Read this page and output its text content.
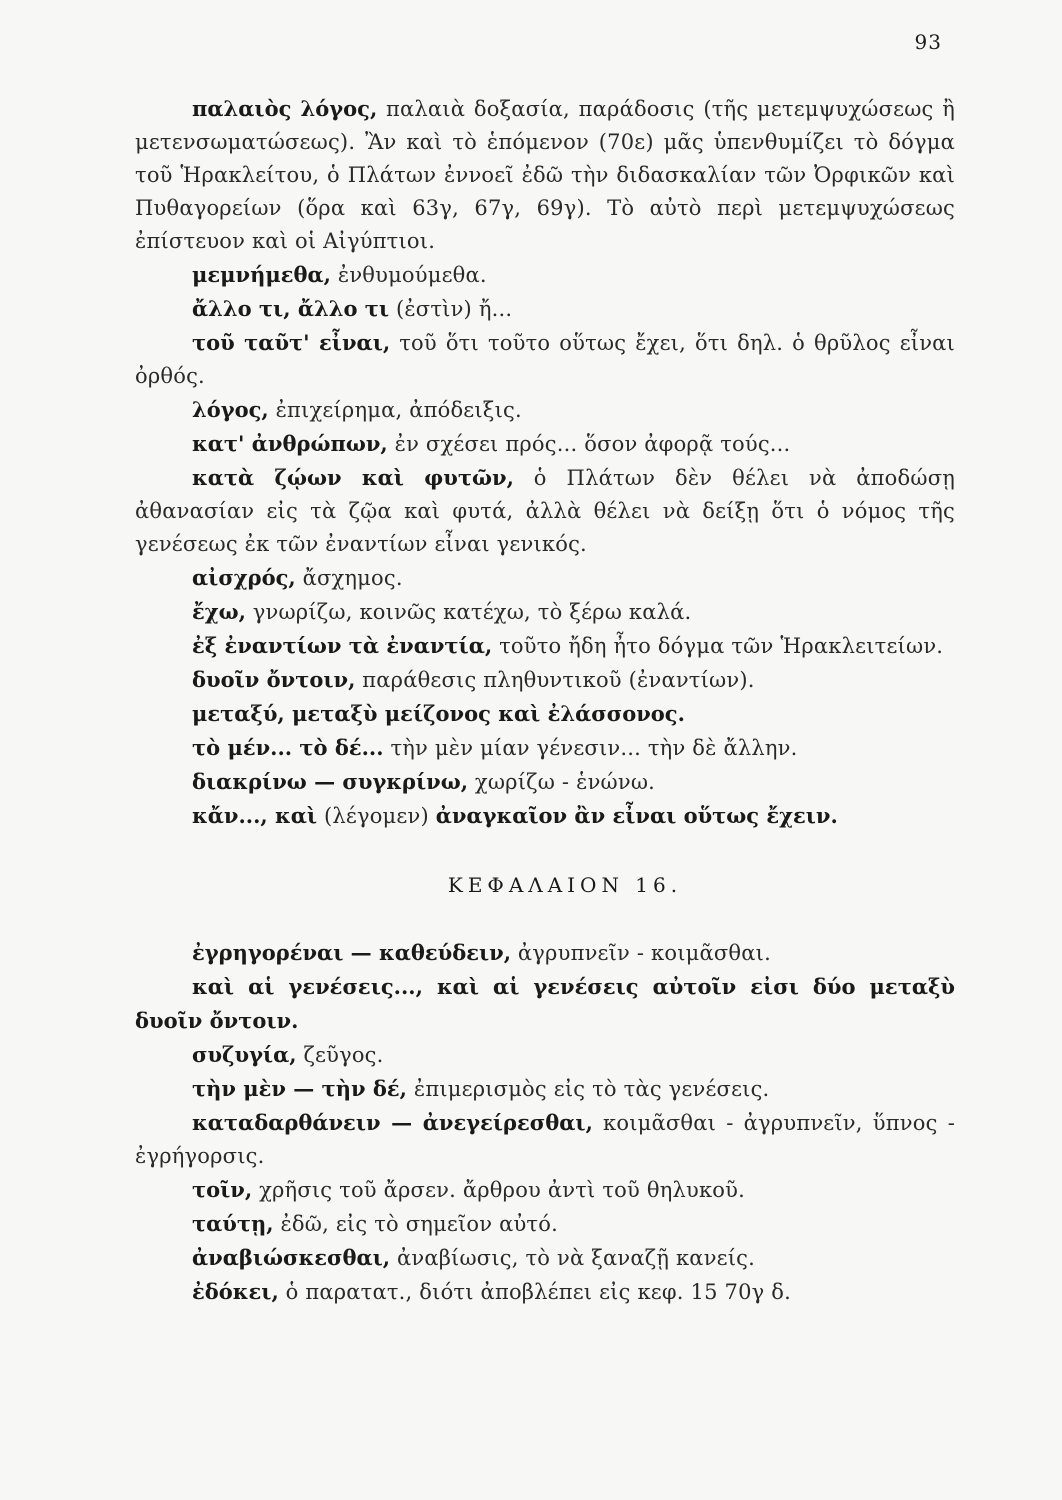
93

παλαιὸς λόγος, παλαιὰ δοξασία, παράδοσις (τῆς μετεμψυχώσεως ἢ μετενσωματώσεως). Ἂν καὶ τὸ ἑπόμενον (70ε) μᾶς ὑπενθυμίζει τὸ δόγμα τοῦ Ἡρακλείτου, ὁ Πλάτων ἐννοεῖ ἐδῶ τὴν διδασκαλίαν τῶν Ὀρφικῶν καὶ Πυθαγορείων (ὅρα καὶ 63γ, 67γ, 69γ). Τὸ αὐτὸ περὶ μετεμψυχώσεως ἐπίστευον καὶ οἱ Αἰγύπτιοι.

μεμνήμεθα, ἐνθυμούμεθα.

ἄλλο τι, ἄλλο τι (ἐστὶν) ἤ...

τοῦ ταῦτ' εἶναι, τοῦ ὅτι τοῦτο οὕτως ἔχει, ὅτι δηλ. ὁ θρῦλος εἶναι ὀρθός.

λόγος, ἐπιχείρημα, ἀπόδειξις.

κατ' ἀνθρώπων, ἐν σχέσει πρός... ὅσον ἀφορᾷ τούς...

κατὰ ζῴων καὶ φυτῶν, ὁ Πλάτων δὲν θέλει νὰ ἀποδώσῃ ἀθανασίαν εἰς τὰ ζῷα καὶ φυτά, ἀλλὰ θέλει νὰ δείξῃ ὅτι ὁ νόμος τῆς γενέσεως ἐκ τῶν ἐναντίων εἶναι γενικός.

αἰσχρός, ἄσχημος.

ἔχω, γνωρίζω, κοινῶς κατέχω, τὸ ξέρω καλά.

ἐξ ἐναντίων τὰ ἐναντία, τοῦτο ἤδη ἦτο δόγμα τῶν Ἡρακλειτείων.

δυοῖν ὄντοιν, παράθεσις πληθυντικοῦ (ἐναντίων).

μεταξύ, μεταξὺ μείζονος καὶ ἐλάσσονος.

τὸ μέν... τὸ δέ... τὴν μὲν μίαν γένεσιν... τὴν δὲ ἄλλην.

διακρίνω — συγκρίνω, χωρίζω - ἑνώνω.

κἄν..., καὶ (λέγομεν) ἀναγκαῖον ἂν εἶναι οὕτως ἔχειν.

ΚΕΦΑΛΑΙΟΝ 16.

ἐγρηγορέναι — καθεύδειν, ἀγρυπνεῖν - κοιμᾶσθαι.

καὶ αἱ γενέσεις..., καὶ αἱ γενέσεις αὐτοῖν εἰσι δύο μεταξὺ δυοῖν ὄντοιν.

συζυγία, ζεῦγος.

τὴν μὲν — τὴν δέ, ἐπιμερισμὸς εἰς τὸ τὰς γενέσεις.

καταδαρθάνειν — ἀνεγείρεσθαι, κοιμᾶσθαι - ἀγρυπνεῖν, ὕπνος - ἐγρήγορσις.

τοῖν, χρῆσις τοῦ ἄρσεν. ἄρθρου ἀντὶ τοῦ θηλυκοῦ.

ταύτῃ, ἐδῶ, εἰς τὸ σημεῖον αὐτό.

ἀναβιώσκεσθαι, ἀναβίωσις, τὸ νὰ ξαναζῇ κανείς.

ἐδόκει, ὁ παρατατ., διότι ἀποβλέπει εἰς κεφ. 15 70γ δ.
